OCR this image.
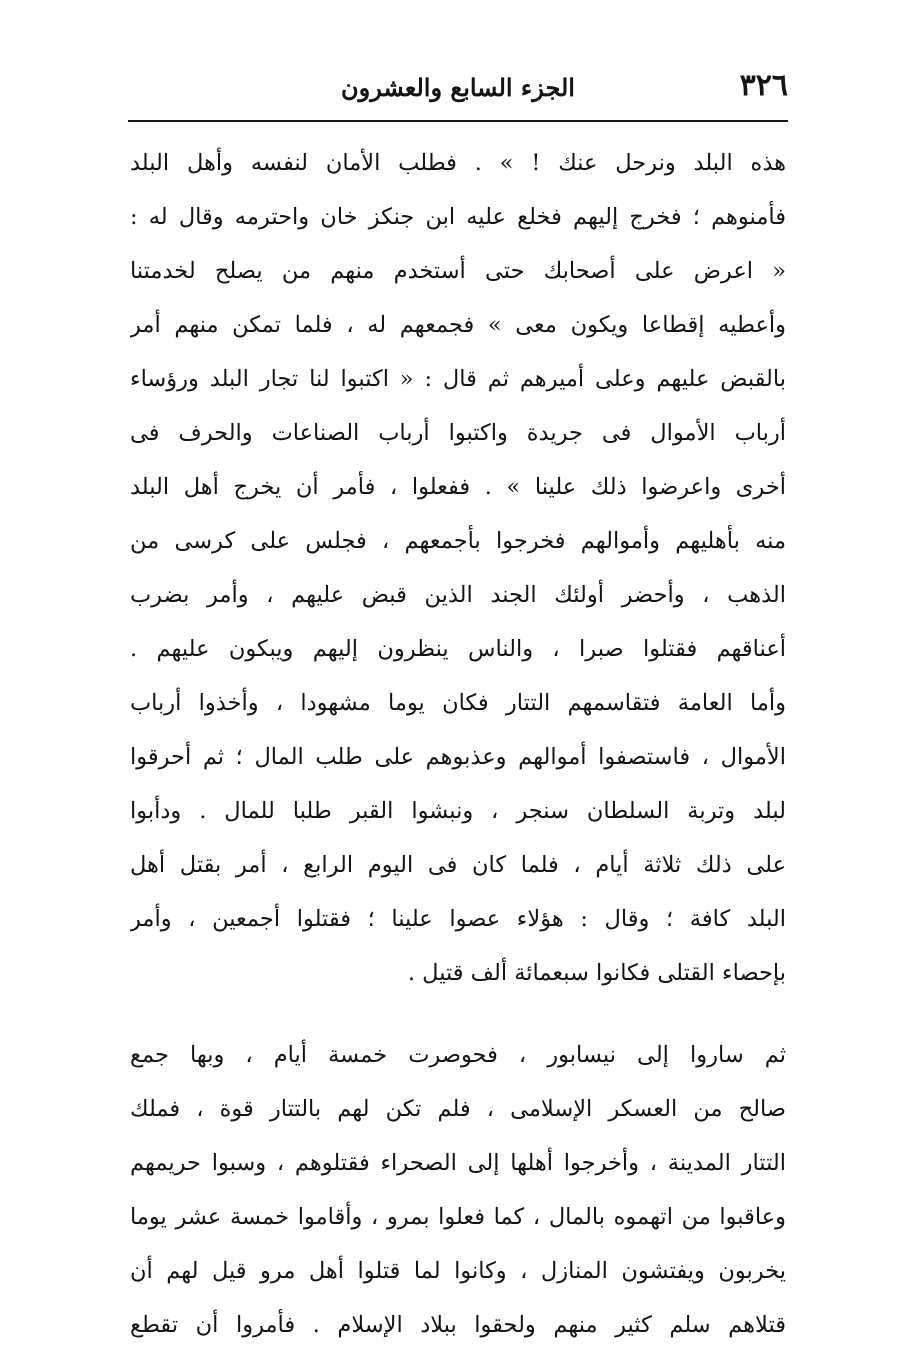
٣٢٦
الجزء السابع والعشرون
هذه البلد ونرحل عنك ! » . فطلب الأمان لنفسه وأهل البلد
فأمنوهم ؛ فخرج إليهم فخلع عليه ابن جنكز خان واحترمه وقال له :
« اعرض على أصحابك حتى أستخدم منهم من يصلح لخدمتنا
وأعطيه إقطاعا ويكون معى » فجمعهم له ، فلما تمكن منهم أمر
بالقبض عليهم وعلى أميرهم ثم قال : « اكتبوا لنا تجار البلد ورؤساء
أرباب الأموال فى جريدة واكتبوا أرباب الصناعات والحرف فى
أخرى واعرضوا ذلك علينا » . ففعلوا ، فأمر أن يخرج أهل البلد
منه بأهليهم وأموالهم فخرجوا بأجمعهم ، فجلس على كرسى من
الذهب ، وأحضر أولئك الجند الذين قبض عليهم ، وأمر بضرب
أعناقهم فقتلوا صبرا ، والناس ينظرون إليهم ويبكون عليهم .
وأما العامة فتقاسمهم التتار فكان يوما مشهودا ، وأخذوا أرباب
الأموال ، فاستصفوا أموالهم وعذبوهم على طلب المال ؛ ثم أحرقوا
لبلد وتربة السلطان سنجر ، ونبشوا القبر طلبا للمال . ودأبوا
على ذلك ثلاثة أيام ، فلما كان فى اليوم الرابع ، أمر بقتل أهل
البلد كافة ؛ وقال : هؤلاء عصوا علينا ؛ فقتلوا أجمعين ، وأمر
بإحصاء القتلى فكانوا سبعمائة ألف قتيل .
ثم ساروا إلى نيسابور ، فحوصرت خمسة أيام ، وبها جمع
صالح من العسكر الإسلامى ، فلم تكن لهم بالتتار قوة ، فملك
التتار المدينة ، وأخرجوا أهلها إلى الصحراء فقتلوهم ، وسبوا حريمهم
وعاقبوا من اتهموه بالمال ، كما فعلوا بمرو ، وأقاموا خمسة عشر يوما
يخربون ويفتشون المنازل ، وكانوا لما قتلوا أهل مرو قيل لهم أن
قتلاهم سلم كثير منهم ولحقوا ببلاد الإسلام . فأمروا أن تقطع
